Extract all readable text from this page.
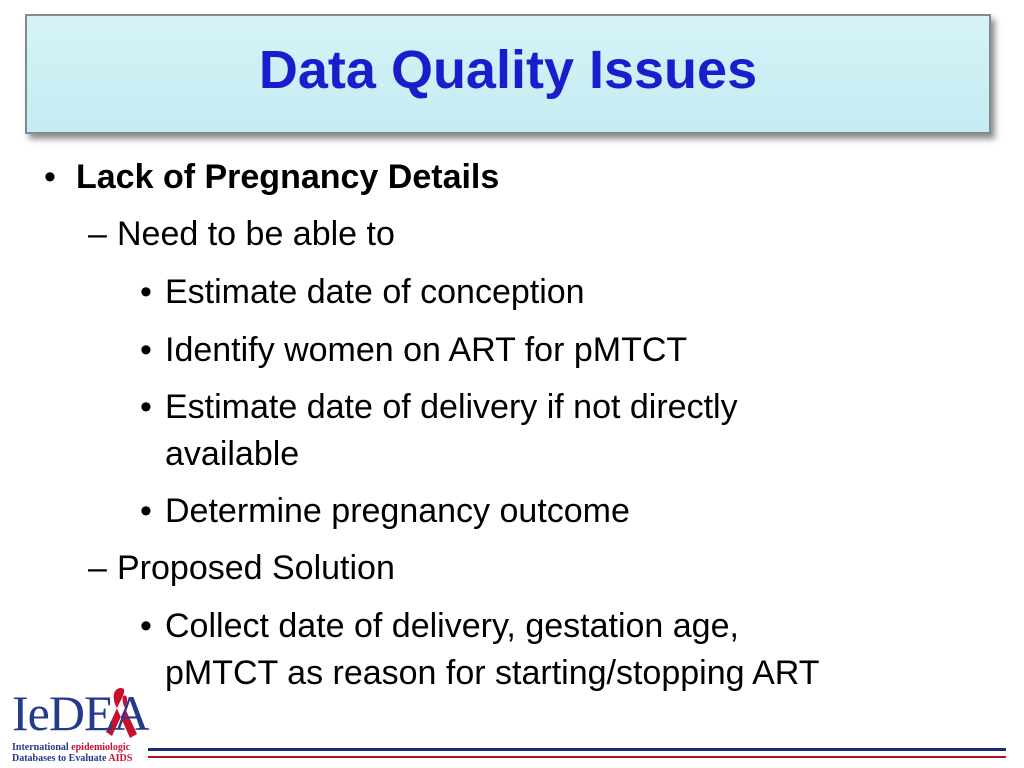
Data Quality Issues
• Lack of Pregnancy Details
– Need to be able to
• Estimate date of conception
• Identify women on ART for pMTCT
• Estimate date of delivery if not directly
available
• Determine pregnancy outcome
– Proposed Solution
• Collect date of delivery, gestation age,
pMTCT as reason for starting/stopping ART
IeDEA
International epidemiologic
Databases to Evaluate AIDS
